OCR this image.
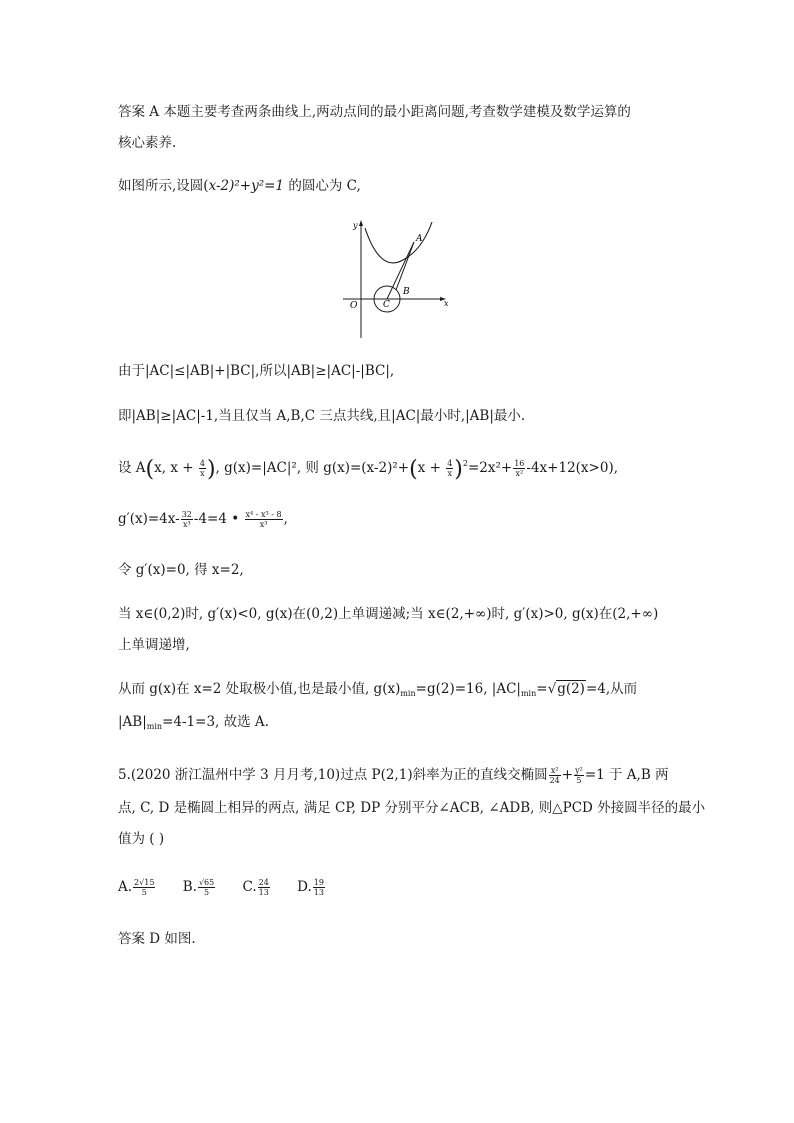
答案 A 本题主要考查两条曲线上,两动点间的最小距离问题,考查数学建模及数学运算的
核心素养.
如图所示,设圆(x-2)²+y²=1 的圆心为 C,
y
x
O
A
B
C
由于|AC|≤|AB|+|BC|,所以|AB|≥|AC|-|BC|,
即|AB|≥|AC|-1,当且仅当 A,B,C 三点共线,且|AC|最小时,|AB|最小.
设 A(x, $x + \frac{4}{x}$ ), g(x)=|AC|², 则 $g(x)=(x-2)^2+(x + \frac{4}{x} )^2=2x^2+ \frac{16}{\text{x²}} -4x+12(x>0)$,
$g'(x)=4x- \frac{32}{\text{x³}} -4=4$ • $\frac{\text{x⁴ - x³ - 8}}{\text{x³}}$ ,
令 g′(x)=0, 得 x=2,
当 x∈(0,2)时, g′(x)<0, g(x)在(0,2)上单调递减;当 x∈(2,+∞)时, g′(x)>0, g(x)在(2,+∞)
上单调递增,
从而 g(x)在 x=2 处取极小值,也是最小值, $g(x)_{min}=g(2)=16$, $|AC|_{min}=√g(2)=4$,从而
$|AB|_{min}=4-1=3$, 故选 A.
5.(2020 浙江温州中学 3 月月考,10)过点 P(2,1)斜率为正的直线交椭圆 $\frac{\text{x²}}{24} + \frac{\text{y²}}{5} =1$ 于 A,B 两
点, C, D 是椭圆上相异的两点, 满足 CP, DP 分别平分∠ACB, ∠ADB, 则△PCD 外接圆半径的最小
值为 ( )
A. $\frac{2√15}{5} B$. $\frac{√65}{5} C$. $\frac{24}{13} D$. $\frac{19}{13}$
答案 D 如图.
